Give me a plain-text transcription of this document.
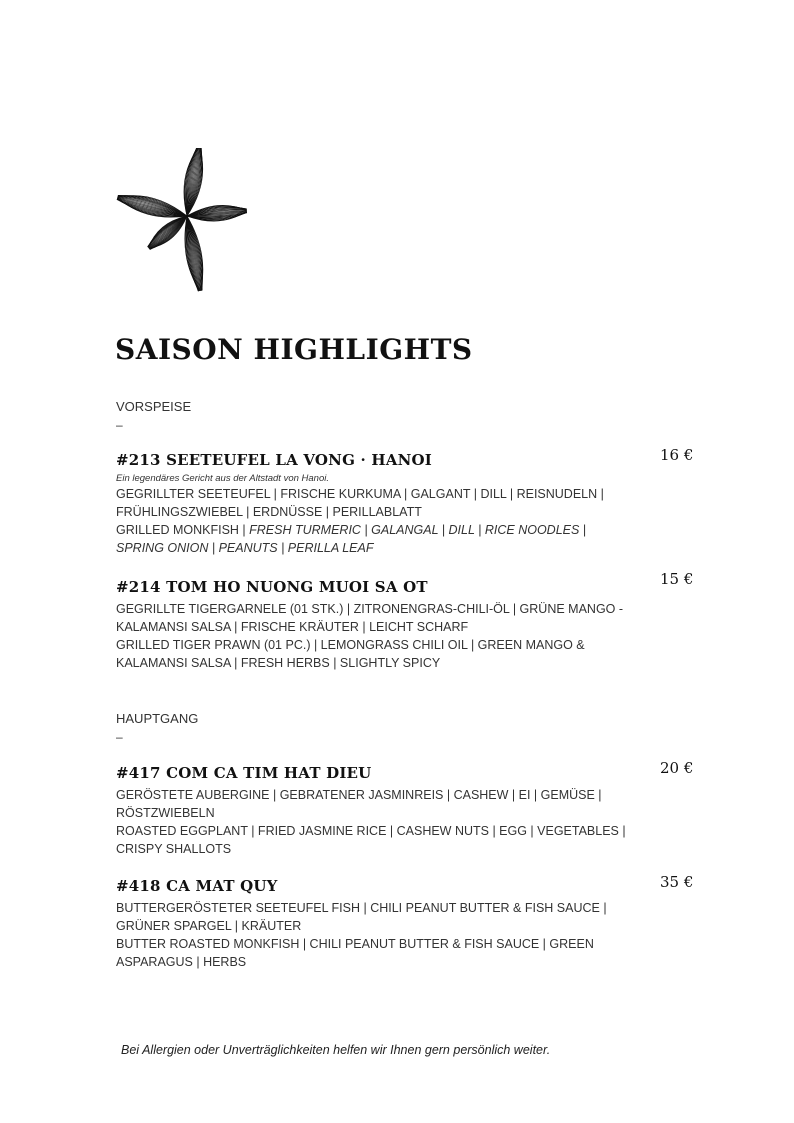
SAISON HIGHLIGHTS
VORSPEISE
–
#213 SEETEUFEL LA VONG · HANOI
Ein legendäres Gericht aus der Altstadt von Hanoi.
GEGRILLTER SEETEUFEL | FRISCHE KURKUMA | GALGANT | DILL | REISNUDELN |
FRÜHLINGSZWIEBEL | ERDNÜSSE | PERILLABLATT
GRILLED MONKFISH | FRESH TURMERIC | GALANGAL | DILL | RICE NOODLES |
SPRING ONION | PEANUTS | PERILLA LEAF
16 €
#214 TOM HO NUONG MUOI SA OT
GEGRILLTE TIGERGARNELE (01 STK.) | ZITRONENGRAS-CHILI-ÖL | GRÜNE MANGO -
KALAMANSI SALSA | FRISCHE KRÄUTER | LEICHT SCHARF
GRILLED TIGER PRAWN (01 PC.) | LEMONGRASS CHILI OIL | GREEN MANGO &
KALAMANSI SALSA | FRESH HERBS | SLIGHTLY SPICY
15 €
HAUPTGANG
–
#417 COM CA TIM HAT DIEU
GERÖSTETE AUBERGINE | GEBRATENER JASMINREIS | CASHEW | EI | GEMÜSE |
RÖSTZWIEBELN
ROASTED EGGPLANT | FRIED JASMINE RICE | CASHEW NUTS | EGG | VEGETABLES |
CRISPY SHALLOTS
20 €
#418 CA MAT QUY
BUTTERGERÖSTETER SEETEUFEL FISH | CHILI PEANUT BUTTER & FISH SAUCE |
GRÜNER SPARGEL | KRÄUTER
BUTTER ROASTED MONKFISH | CHILI PEANUT BUTTER & FISH SAUCE | GREEN
ASPARAGUS | HERBS
35 €
Bei Allergien oder Unverträglichkeiten helfen wir Ihnen gern persönlich weiter.
